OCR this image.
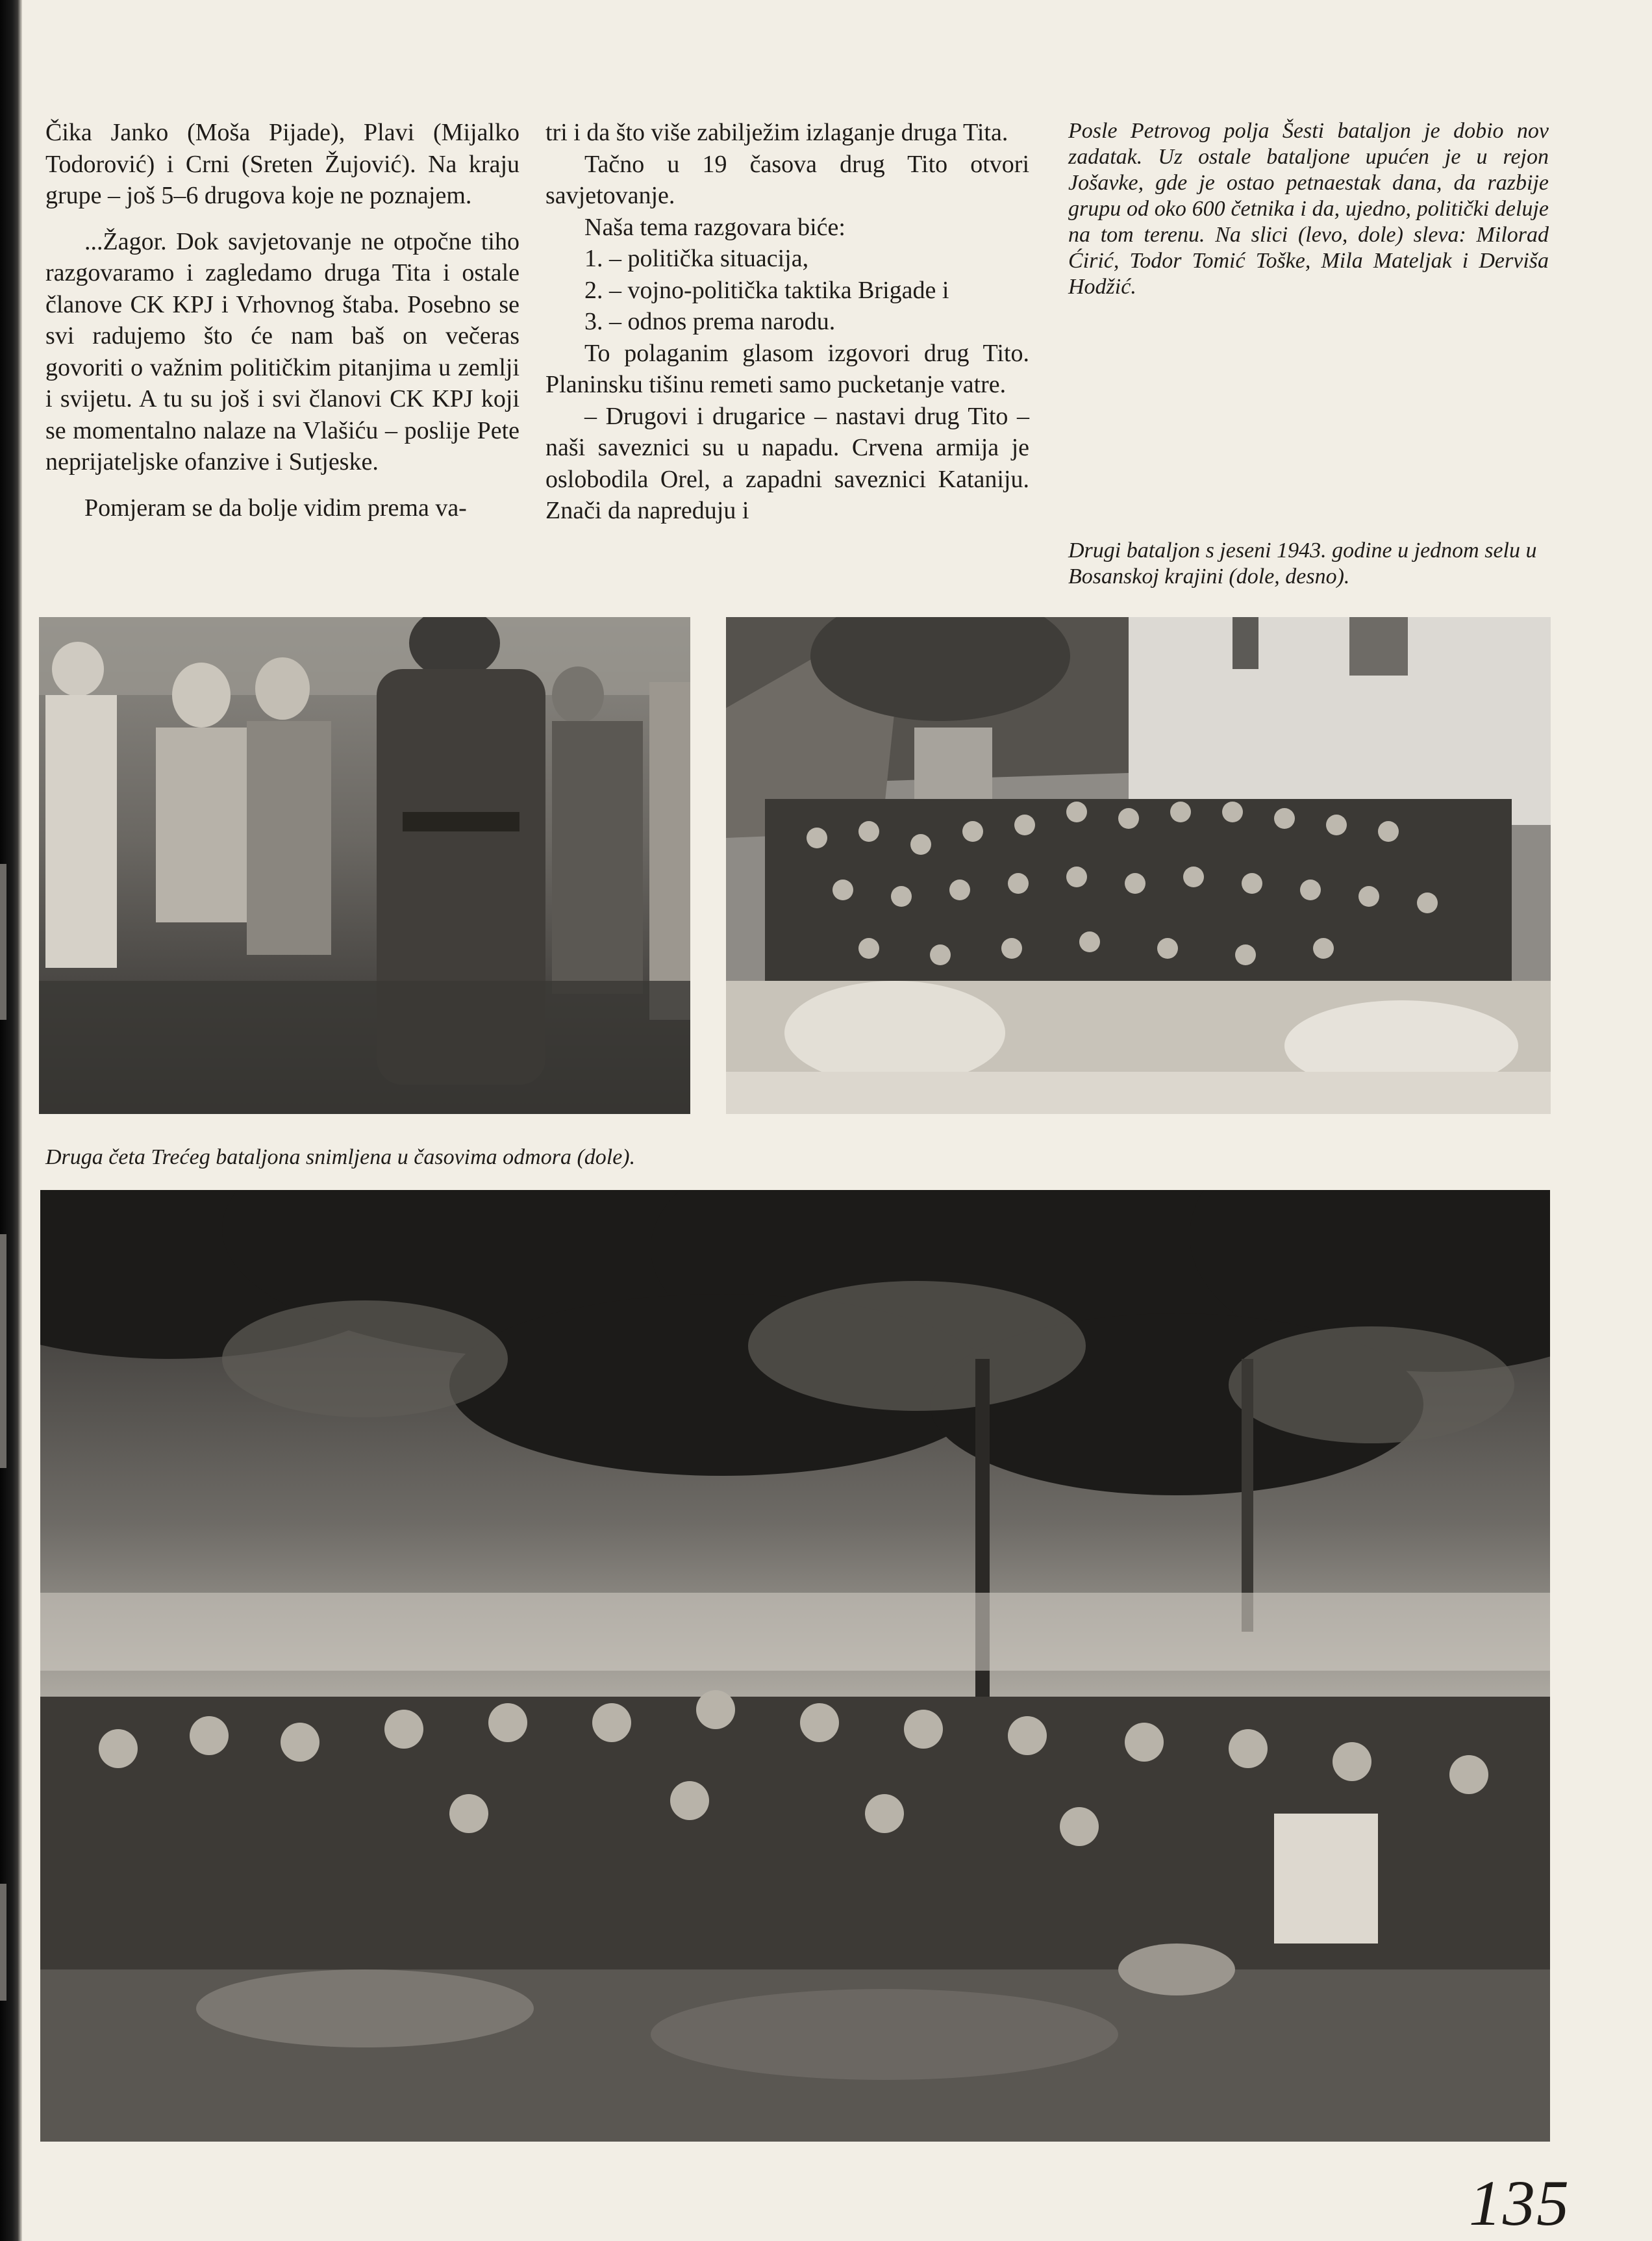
Čika Janko (Moša Pijade), Plavi (Mijalko Todorović) i Crni (Sreten Žujović). Na kraju grupe – još 5–6 drugova koje ne poznajem.

...Žagor. Dok savjetovanje ne otpočne tiho razgovaramo i zagledamo druga Tita i ostale članove CK KPJ i Vrhovnog štaba. Posebno se svi radujemo što će nam baš on večeras govoriti o važnim političkim pitanjima u zemlji i svijetu. A tu su još i svi članovi CK KPJ koji se momentalno nalaze na Vlašiću – poslije Pete neprijateljske ofanzive i Sutjeske.

Pomjeram se da bolje vidim prema va-

tri i da što više zabilježim izlaganje druga Tita.

Tačno u 19 časova drug Tito otvori savjetovanje.

Naša tema razgovara biće:

1. – politička situacija,

2. – vojno-politička taktika Brigade i

3. – odnos prema narodu.

To polaganim glasom izgovori drug Tito. Planinsku tišinu remeti samo pucketanje vatre.

– Drugovi i drugarice – nastavi drug Tito – naši saveznici su u napadu. Crvena armija je oslobodila Orel, a zapadni saveznici Kataniju. Znači da napreduju i

Posle Petrovog polja Šesti bataljon je dobio nov zadatak. Uz ostale bataljone upućen je u rejon Jošavke, gde je ostao petnaestak dana, da razbije grupu od oko 600 četnika i da, ujedno, politički deluje na tom terenu. Na slici (levo, dole) sleva: Milorad Ćirić, Todor Tomić Toške, Mila Mateljak i Derviša Hodžić.
Drugi bataljon s jeseni 1943. godine u jednom selu u Bosanskoj krajini (dole, desno).
Druga četa Trećeg bataljona snimljena u časovima odmora (dole).
135
